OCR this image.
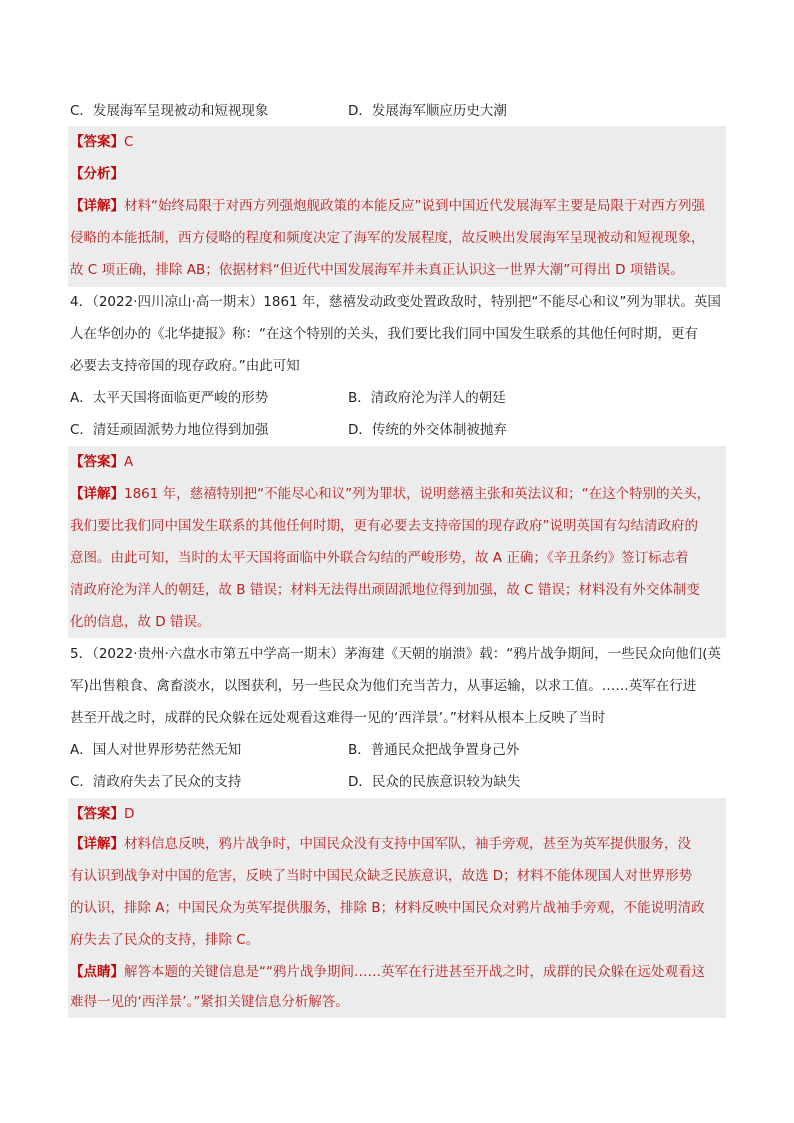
C．发展海军呈现被动和短视现象	D．发展海军顺应历史大潮
【答案】C
【分析】
【详解】材料“始终局限于对西方列强炮舰政策的本能反应”说到中国近代发展海军主要是局限于对西方列强
侵略的本能抵制，西方侵略的程度和频度决定了海军的发展程度，故反映出发展海军呈现被动和短视现象，
故 C 项正确，排除 AB；依据材料“但近代中国发展海军并未真正认识这一世界大潮”可得出 D 项错误。
4．（2022·四川凉山·高一期末）1861 年，慈禧发动政变处置政敌时，特别把“不能尽心和议”列为罪状。英国
人在华创办的《北华捷报》称：“在这个特别的关头，我们要比我们同中国发生联系的其他任何时期，更有
必要去支持帝国的现存政府。”由此可知
A．太平天国将面临更严峻的形势	B．清政府沦为洋人的朝廷
C．清廷顽固派势力地位得到加强	D．传统的外交体制被抛弃
【答案】A
【详解】1861 年，慈禧特别把“不能尽心和议”列为罪状，说明慈禧主张和英法议和；“在这个特别的关头，
我们要比我们同中国发生联系的其他任何时期，更有必要去支持帝国的现存政府”说明英国有勾结清政府的
意图。由此可知，当时的太平天国将面临中外联合勾结的严峻形势，故 A 正确；《辛丑条约》签订标志着
清政府沦为洋人的朝廷，故 B 错误；材料无法得出顽固派地位得到加强，故 C 错误；材料没有外交体制变
化的信息，故 D 错误。
5．（2022·贵州·六盘水市第五中学高一期末）茅海建《天朝的崩溃》载：“鸦片战争期间，一些民众向他们(英
军)出售粮食、禽畜淡水，以图获利，另一些民众为他们充当苦力，从事运输，以求工值。……英军在行进
甚至开战之时，成群的民众躲在远处观看这难得一见的‘西洋景’。”材料从根本上反映了当时
A．国人对世界形势茫然无知	B．普通民众把战争置身己外
C．清政府失去了民众的支持	D．民众的民族意识较为缺失
【答案】D
【详解】材料信息反映，鸦片战争时，中国民众没有支持中国军队，袖手旁观，甚至为英军提供服务，没
有认识到战争对中国的危害，反映了当时中国民众缺乏民族意识，故选 D；材料不能体现国人对世界形势
的认识，排除 A；中国民众为英军提供服务，排除 B；材料反映中国民众对鸦片战袖手旁观，不能说明清政
府失去了民众的支持，排除 C。
【点睛】解答本题的关键信息是““鸦片战争期间……英军在行进甚至开战之时，成群的民众躲在远处观看这
难得一见的‘西洋景’。”紧扣关键信息分析解答。
